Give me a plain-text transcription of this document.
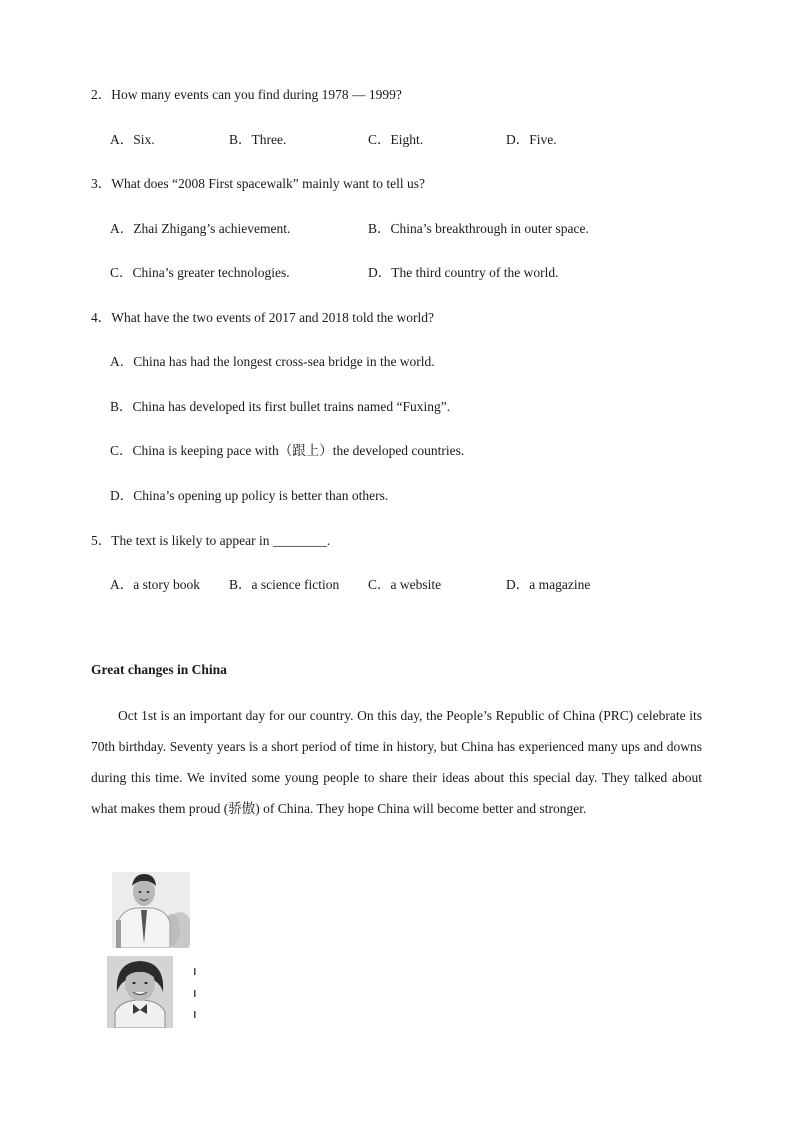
2．How many events can you find during 1978 — 1999?
A．Six.	B．Three.	C．Eight.	D．Five.
3．What does “2008 First spacewalk” mainly want to tell us?
A．Zhai Zhigang’s achievement.	B．China’s breakthrough in outer space.
C．China’s greater technologies.	D．The third country of the world.
4．What have the two events of 2017 and 2018 told the world?
A．China has had the longest cross-sea bridge in the world.
B．China has developed its first bullet trains named “Fuxing”.
C．China is keeping pace with（跟上）the developed countries.
D．China’s opening up policy is better than others.
5．The text is likely to appear in ________.
A．a story book B．a science fiction C．a website	D．a magazine
Great changes in China
Oct 1st is an important day for our country. On this day, the People’s Republic of China (PRC) celebrate its 70th birthday. Seventy years is a short period of time in history, but China has experienced many ups and downs during this time. We invited some young people to share their ideas about this special day. They talked about what makes them proud (骄傲) of China. They hope China will become better and stronger.
